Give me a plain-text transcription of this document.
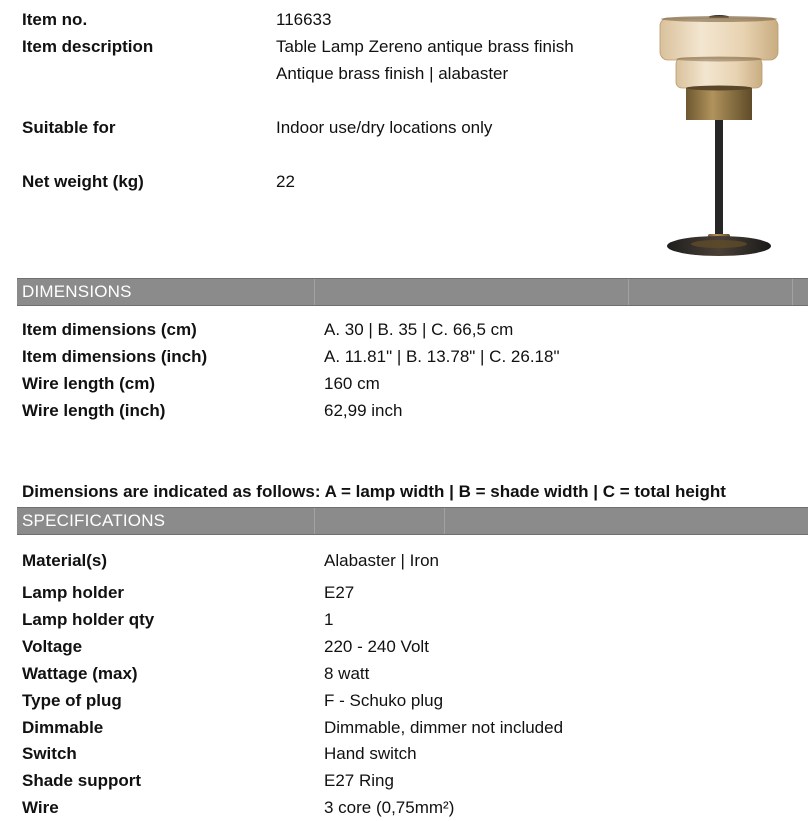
Item no.	116633
Item description	Table Lamp Zereno antique brass finish
Antique brass finish | alabaster
Suitable for	Indoor use/dry locations only
Net weight (kg)	22
DIMENSIONS
Item dimensions (cm)	A. 30 | B. 35 | C. 66,5 cm
Item dimensions (inch)	A. 11.81" | B. 13.78" | C. 26.18"
Wire length (cm)	160 cm
Wire length (inch)	62,99 inch
Dimensions are indicated as follows: A = lamp width | B = shade width | C = total height
SPECIFICATIONS
Material(s)	Alabaster | Iron
Lamp holder	E27
Lamp holder qty	1
Voltage	220 - 240 Volt
Wattage (max)	8 watt
Type of plug	F - Schuko plug
Dimmable	Dimmable, dimmer not included
Switch	Hand switch
Shade support	E27 Ring
Wire	3 core (0,75mm²)
